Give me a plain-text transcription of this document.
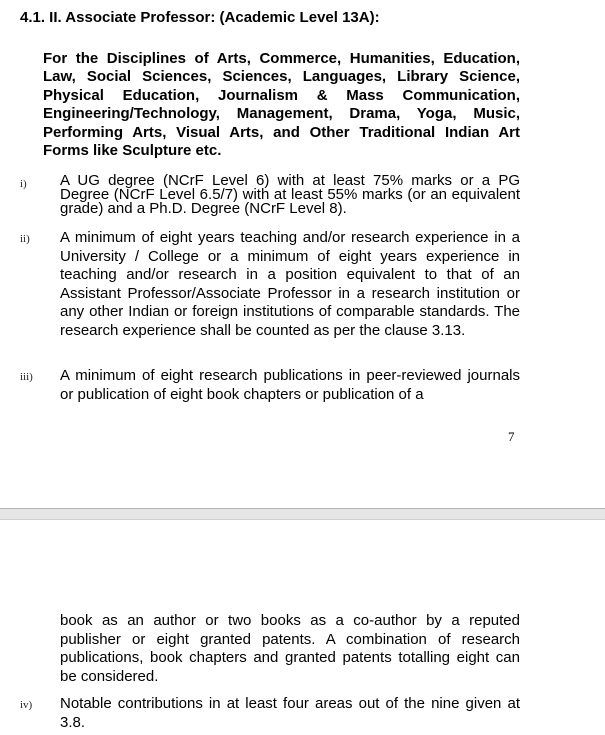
4.1. II. Associate Professor: (Academic Level 13A):

For the Disciplines of Arts, Commerce, Humanities, Education, Law, Social Sciences, Sciences, Languages, Library Science, Physical Education, Journalism & Mass Communication, Engineering/Technology, Management, Drama, Yoga, Music, Performing Arts, Visual Arts, and Other Traditional Indian Art Forms like Sculpture etc.

i) A UG degree (NCrF Level 6) with at least 75% marks or a PG Degree (NCrF Level 6.5/7) with at least 55% marks (or an equivalent grade) and a Ph.D. Degree (NCrF Level 8).
ii) A minimum of eight years teaching and/or research experience in a University / College or a minimum of eight years experience in teaching and/or research in a position equivalent to that of an Assistant Professor/Associate Professor in a research institution or any other Indian or foreign institutions of comparable standards. The research experience shall be counted as per the clause 3.13.
iii) A minimum of eight research publications in peer-reviewed journals or publication of eight book chapters or publication of a
7
book as an author or two books as a co-author by a reputed publisher or eight granted patents. A combination of research publications, book chapters and granted patents totalling eight can be considered.
iv) Notable contributions in at least four areas out of the nine given at 3.8.
